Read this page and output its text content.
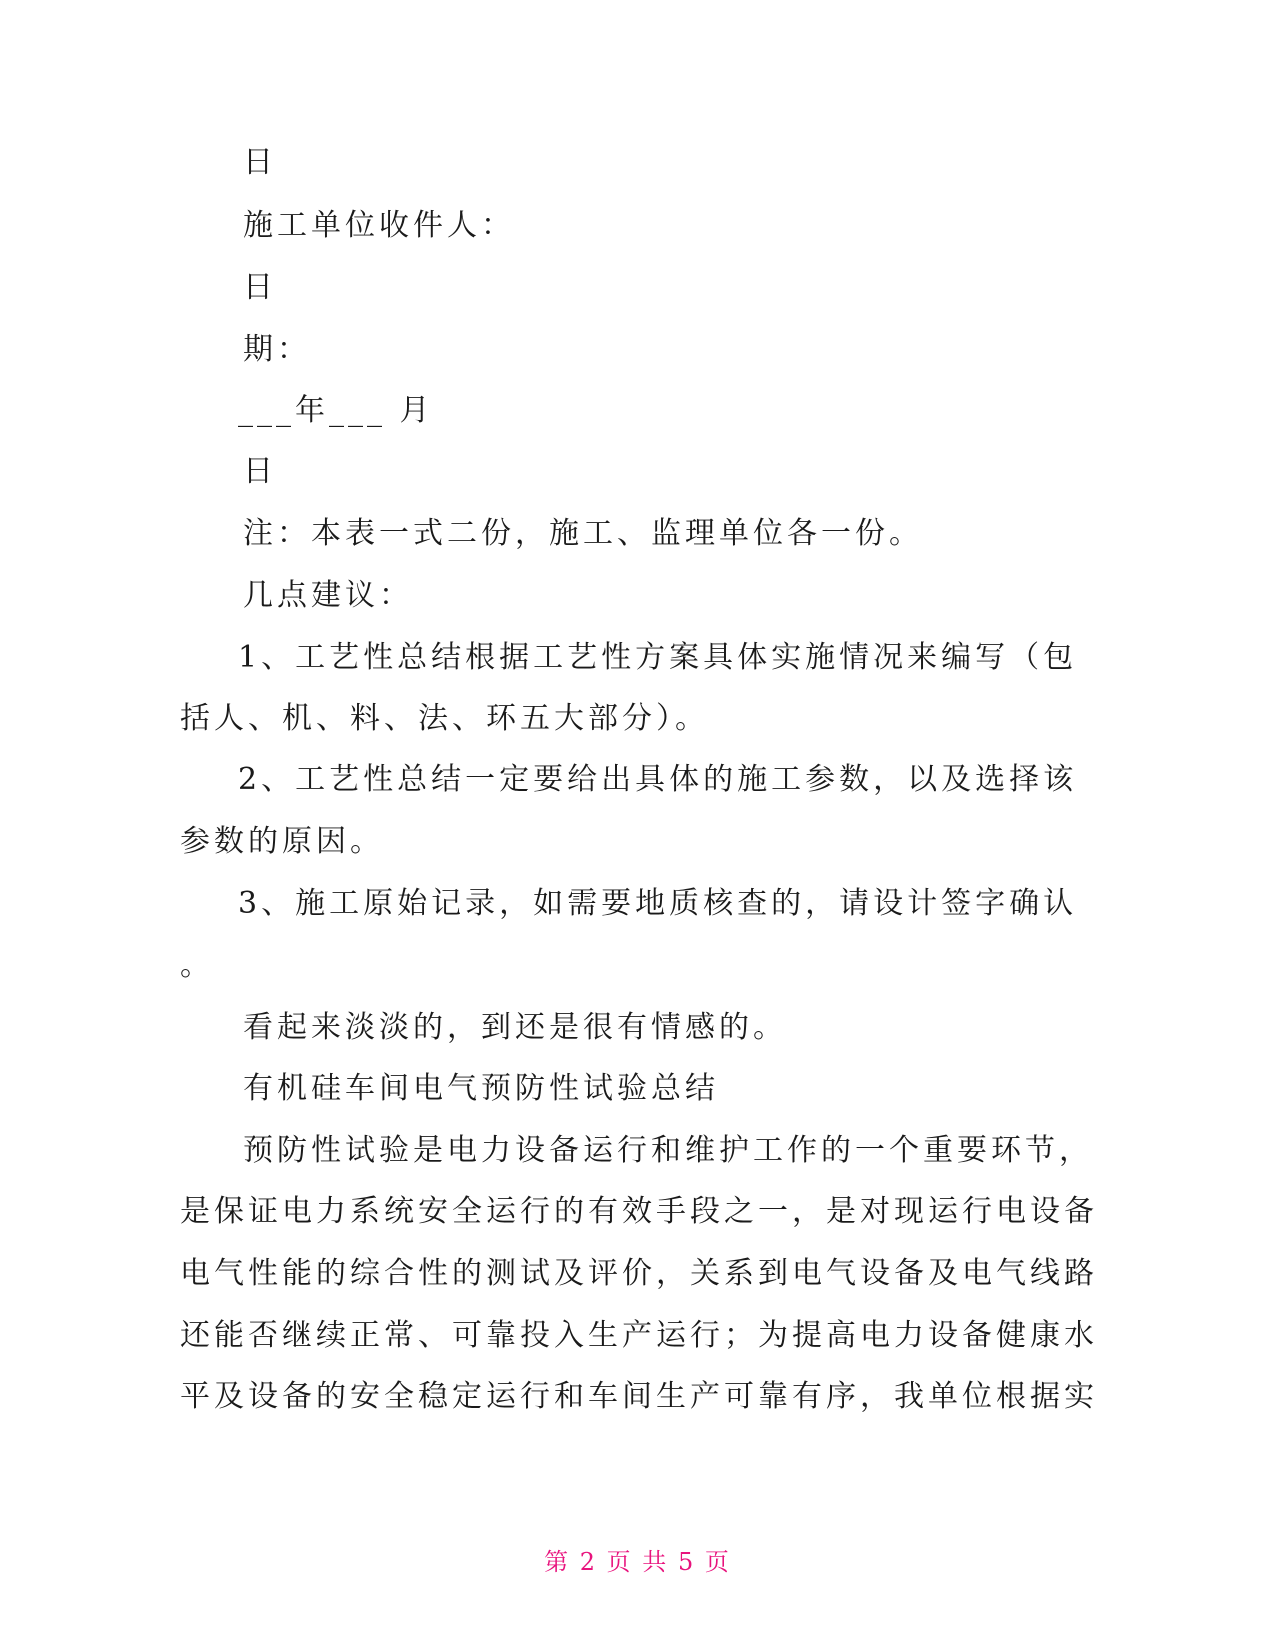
日
施工单位收件人：
日
期：
___年___ 月
日
注：本表一式二份，施工、监理单位各一份。
几点建议：
1、工艺性总结根据工艺性方案具体实施情况来编写（包
括人、机、料、法、环五大部分）。
2、工艺性总结一定要给出具体的施工参数，以及选择该
参数的原因。
3、施工原始记录，如需要地质核查的，请设计签字确认
。
看起来淡淡的，到还是很有情感的。
有机硅车间电气预防性试验总结
预防性试验是电力设备运行和维护工作的一个重要环节，
是保证电力系统安全运行的有效手段之一，是对现运行电设备
电气性能的综合性的测试及评价，关系到电气设备及电气线路
还能否继续正常、可靠投入生产运行；为提高电力设备健康水
平及设备的安全稳定运行和车间生产可靠有序，我单位根据实
第 2 页 共 5 页
